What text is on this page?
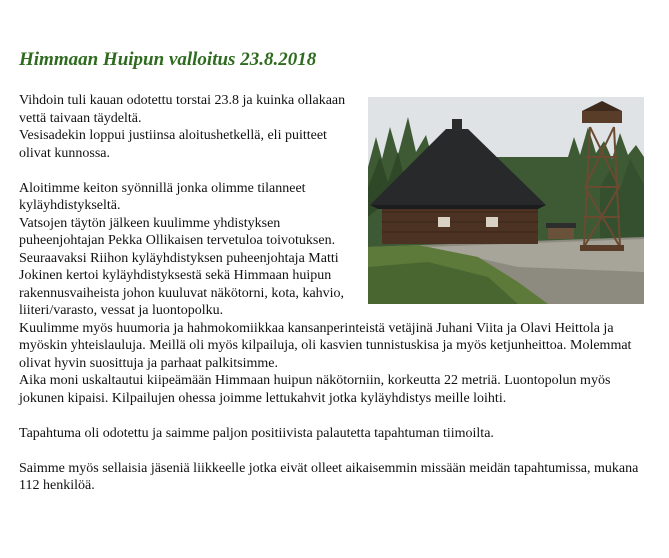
Himmaan Huipun valloitus 23.8.2018

Vihdoin tuli kauan odotettu torstai 23.8 ja kuinka ollakaan vettä taivaan täydeltä.
Vesisadekin loppui justiinsa aloitushetkellä, eli puitteet olivat kunnossa.

Aloitimme keiton syönnillä jonka olimme tilanneet kyläyhdistykseltä.
Vatsojen täytön jälkeen kuulimme yhdistyksen puheenjohtajan Pekka Ollikaisen tervetuloa toivotuksen. Seuraavaksi Riihon kyläyhdistyksen puheenjohtaja Matti Jokinen kertoi kyläyhdistyksestä sekä Himmaan huipun rakennusvaiheista johon kuuluvat näkötorni, kota, kahvio, liiteri/varasto, vessat ja luontopolku.
Kuulimme myös huumoria ja hahmokomiikkaa kansanperinteistä vetäjinä Juhani Viita ja Olavi Heittola ja myöskin yhteislauluja. Meillä oli myös kilpailuja, oli kasvien tunnistuskisa ja myös ketjunheittoa. Molemmat olivat hyvin suosittuja ja parhaat palkitsimme.
Aika moni uskaltautui kiipeämään Himmaan huipun näkötorniin, korkeutta 22 metriä. Luontopolun myös jokunen kipaisi. Kilpailujen ohessa joimme lettukahvit jotka kyläyhdistys meille loihti.

Tapahtuma oli odotettu ja saimme paljon positiivista palautetta tapahtuman tiimoilta.

Saimme myös sellaisia jäseniä liikkeelle jotka eivät olleet aikaisemmin missään meidän tapahtumissa, mukana 112 henkilöä.
